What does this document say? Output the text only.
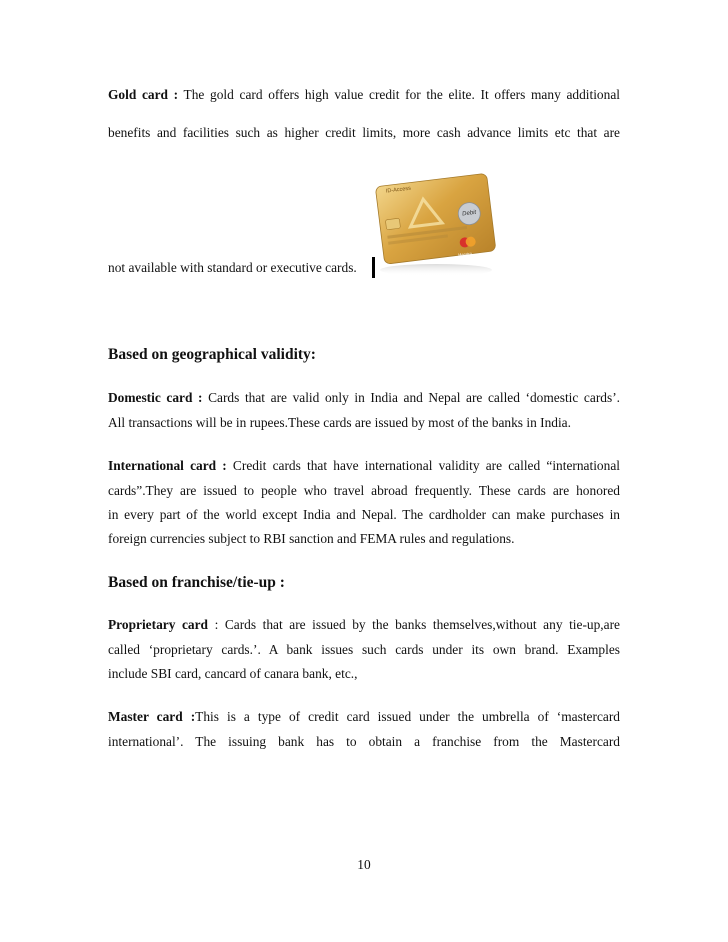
Gold card : The gold card offers high value credit for the elite. It offers many additional
benefits and facilities such as higher credit limits, more cash advance limits etc that are
ID-Access
Debit
Maestro
not available with standard or executive cards.
Based on geographical validity:
Domestic card : Cards that are valid only in India and Nepal are called ‘domestic cards’.
All transactions will be in rupees.These cards are issued by most of the banks in India.
International card : Credit cards that have international validity are called “international
cards”.They are issued to people who travel abroad frequently. These cards are honored
in every part of the world except India and Nepal. The cardholder can make purchases in
foreign currencies subject to RBI sanction and FEMA rules and regulations.
Based on franchise/tie-up :
Proprietary card : Cards that are issued by the banks themselves,without any tie-up,are
called ‘proprietary cards.’. A bank issues such cards under its own brand. Examples
include SBI card, cancard of canara bank, etc.,
Master card :This is a type of credit card issued under the umbrella of ‘mastercard
international’. The issuing bank has to obtain a franchise from the Mastercard
10
